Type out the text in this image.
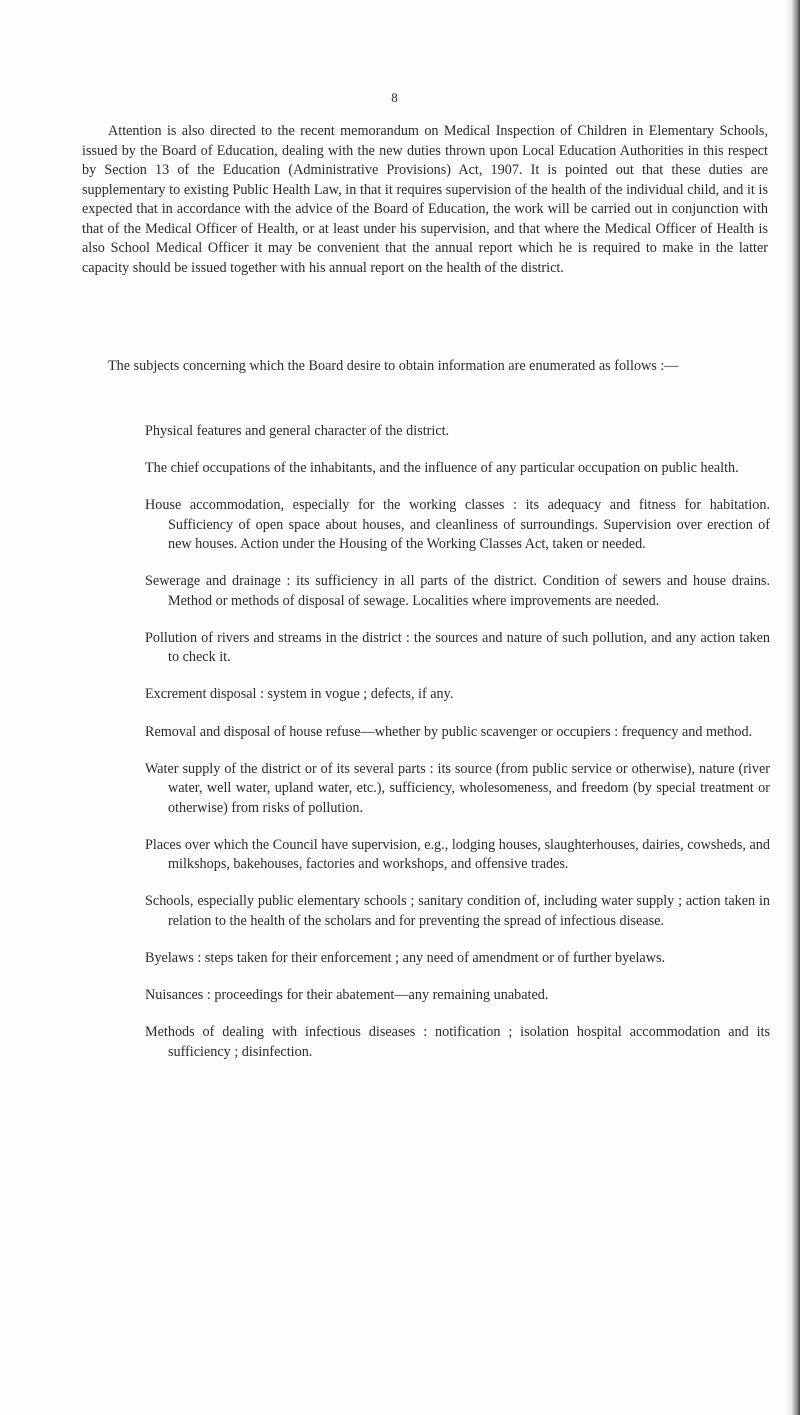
8

Attention is also directed to the recent memorandum on Medical Inspection of Children in Elementary Schools, issued by the Board of Education, dealing with the new duties thrown upon Local Education Authorities in this respect by Section 13 of the Education (Administrative Provisions) Act, 1907. It is pointed out that these duties are supplementary to existing Public Health Law, in that it requires supervision of the health of the individual child, and it is expected that in accordance with the advice of the Board of Education, the work will be carried out in conjunction with that of the Medical Officer of Health, or at least under his supervision, and that where the Medical Officer of Health is also School Medical Officer it may be convenient that the annual report which he is required to make in the latter capacity should be issued together with his annual report on the health of the district.

The subjects concerning which the Board desire to obtain information are enumerated as follows :—

Physical features and general character of the district.
The chief occupations of the inhabitants, and the influence of any particular occupation on public health.
House accommodation, especially for the working classes : its adequacy and fitness for habitation. Sufficiency of open space about houses, and cleanliness of surroundings. Supervision over erection of new houses. Action under the Housing of the Working Classes Act, taken or needed.
Sewerage and drainage : its sufficiency in all parts of the district. Condition of sewers and house drains. Method or methods of disposal of sewage. Localities where improvements are needed.
Pollution of rivers and streams in the district : the sources and nature of such pollution, and any action taken to check it.
Excrement disposal : system in vogue ; defects, if any.
Removal and disposal of house refuse—whether by public scavenger or occupiers : frequency and method.
Water supply of the district or of its several parts : its source (from public service or otherwise), nature (river water, well water, upland water, etc.), sufficiency, wholesomeness, and freedom (by special treatment or otherwise) from risks of pollution.
Places over which the Council have supervision, e.g., lodging houses, slaughterhouses, dairies, cowsheds, and milkshops, bakehouses, factories and workshops, and offensive trades.
Schools, especially public elementary schools ; sanitary condition of, including water supply ; action taken in relation to the health of the scholars and for preventing the spread of infectious disease.
Byelaws : steps taken for their enforcement ; any need of amendment or of further byelaws.
Nuisances : proceedings for their abatement—any remaining unabated.
Methods of dealing with infectious diseases : notification ; isolation hospital accommodation and its sufficiency ; disinfection.
